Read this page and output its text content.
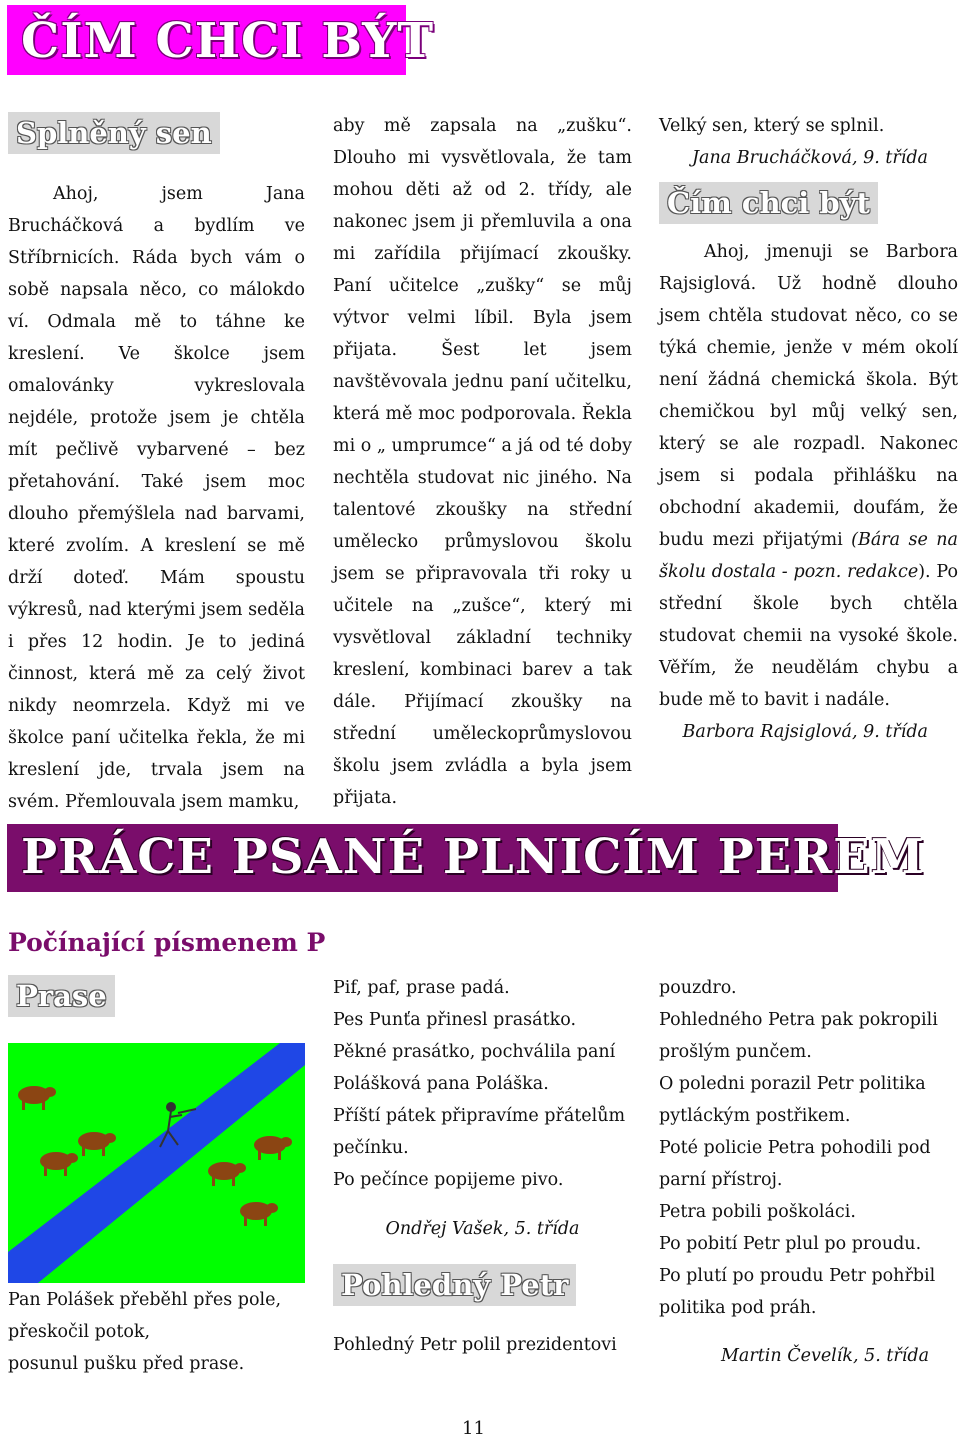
ČÍM CHCI BÝT
Splněný sen

Ahoj, jsem Jana Brucháčková a bydlím ve Stříbrnicích. Ráda bych vám o sobě napsala něco, co málokdo ví. Odmala mě to táhne ke kreslení. Ve školce jsem omalovánky vykreslovala nejdéle, protože jsem je chtěla mít pečlivě vybarvené – bez přetahování. Také jsem moc dlouho přemýšlela nad barvami, které zvolím. A kreslení se mě drží doteď. Mám spoustu výkresů, nad kterými jsem seděla i přes 12 hodin. Je to jediná činnost, která mě za celý život nikdy neomrzela. Když mi ve školce paní učitelka řekla, že mi kreslení jde, trvala jsem na svém. Přemlouvala jsem mamku,

aby mě zapsala na „zušku“. Dlouho mi vysvětlovala, že tam mohou děti až od 2. třídy, ale nakonec jsem ji přemluvila a ona mi zařídila přijímací zkoušky. Paní učitelce „zušky“ se můj výtvor velmi líbil. Byla jsem přijata. Šest let jsem navštěvovala jednu paní učitelku, která mě moc podporovala. Řekla mi o „ umprumce“ a já od té doby nechtěla studovat nic jiného. Na talentové zkoušky na střední umělecko průmyslovou školu jsem se připravovala tři roky u učitele na „zušce“, který mi vysvětloval základní techniky kreslení, kombinaci barev a tak dále. Přijímací zkoušky na střední uměleckoprůmyslovou školu jsem zvládla a byla jsem přijata.

Velký sen, který se splnil.
Jana Brucháčková, 9. třída
Čím chci být

Ahoj, jmenuji se Barbora Rajsiglová. Už hodně dlouho jsem chtěla studovat něco, co se týká chemie, jenže v mém okolí není žádná chemická škola. Být chemičkou byl můj velký sen, který se ale rozpadl. Nakonec jsem si podala přihlášku na obchodní akademii, doufám, že budu mezi přijatými (Bára se na školu dostala - pozn. redakce). Po střední škole bych chtěla studovat chemii na vysoké škole. Věřím, že neudělám chybu a bude mě to bavit i nadále.

Barbora Rajsiglová, 9. třída
PRÁCE PSANÉ PLNICÍM PEREM
Počínající písmenem P
Prase
Pan Polášek přeběhl přes pole,
přeskočil potok,
posunul pušku před prase.
Pif, paf, prase padá.
Pes Punťa přinesl prasátko.
Pěkné prasátko, pochválila paní
Polášková pana Poláška.
Příští pátek připravíme přátelům
pečínku.
Po pečínce popijeme pivo.
Ondřej Vašek, 5. třída
Pohledný Petr
Pohledný Petr polil prezidentovi
pouzdro.
Pohledného Petra pak pokropili
prošlým punčem.
O poledni porazil Petr politika
pytláckým postřikem.
Poté policie Petra pohodili pod
parní přístroj.
Petra pobili poškoláci.
Po pobití Petr plul po proudu.
Po plutí po proudu Petr pohřbil
politika pod práh.
Martin Čevelík, 5. třída
11
